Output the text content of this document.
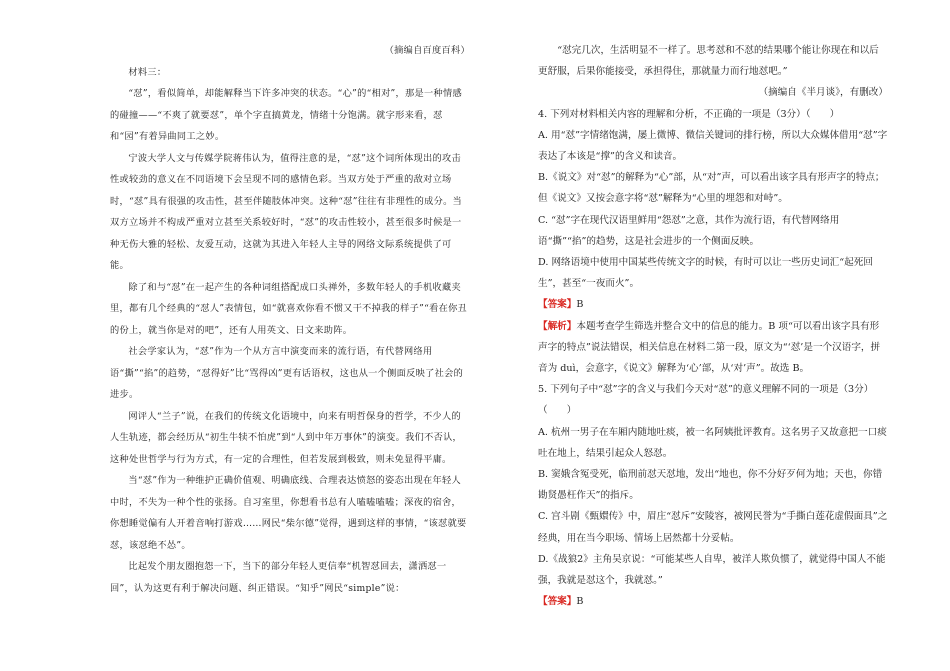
（摘编自百度百科）

材料三：

“怼”，看似简单，却能解释当下许多冲突的状态。“心”的“相对”，那是一种情感的碰撞——“不爽了就要怼”，单个字直搞黄龙，情绪十分饱满。就字形来看，怼和“园”有着异曲同工之妙。

宁波大学人文与传媒学院蒋伟认为，值得注意的是，“怼”这个词所体现出的攻击性或较劲的意义在不同语境下会呈现不同的感情色彩。当双方处于严重的敌对立场时，“怼”具有很强的攻击性，甚至伴随肢体冲突。这种“怼”往往有非理性的成分。当双方立场并不构成严重对立甚至关系较好时，“怼”的攻击性较小，甚至很多时候是一种无伤大雅的轻松、友爱互动，这就为其进入年轻人主导的网络文际系统提供了可能。

除了和与“怼”在一起产生的各种词组搭配成口头禅外，多数年轻人的手机收藏夹里，都有几个经典的“怼人”表情包，如“就喜欢你看不惯又干不掉我的样子”“看在你丑的份上，就当你是对的吧”，还有人用英文、日文来助阵。

社会学家认为，“怼”作为一个从方言中演变而来的流行语，有代替网络用语“撕”“掐”的趋势，“怼得好”比“骂得凶”更有话语权，这也从一个侧面反映了社会的进步。

网评人“兰子”说，在我们的传统文化语境中，向来有明哲保身的哲学，不少人的人生轨迹，都会经历从“初生牛犊不怕虎”到“人到中年万事休”的演变。我们不否认，这种处世哲学与行为方式，有一定的合理性，但若发展到极致，则未免显得平庸。

当“怼”作为一种维护正确价值观、明确底线、合理表达愤怒的姿态出现在年轻人中时，不失为一种个性的张扬。自习室里，你想看书总有人嗑嗑嗑嗑；深夜的宿舍，你想睡觉偏有人开着音响打游戏……网民“柴尔德”觉得，遇到这样的事情，“该怼就要怼，该怼绝不怂”。

比起发个朋友圈抱怨一下，当下的部分年轻人更信奉“机智怼回去，潇洒怼一回”，认为这更有利于解决问题、纠正错误。“知乎”网民“simple”说：

“怼完几次，生活明显不一样了。思考怼和不怼的结果哪个能让你现在和以后更舒服，后果你能接受，承担得住，那就量力而行地怼吧。”

（摘编自《半月谈》，有删改）

4. 下列对材料相关内容的理解和分析，不正确的一项是（3分）（　　）

A. 用“怼”字情绪饱满，屡上微博、微信关键词的排行榜，所以大众媒体借用“怼”字表达了本该是“撑”的含义和读音。

B.《说文》对“怼”的解释为“心”部，从“对”声，可以看出该字具有形声字的特点；但《说文》又按会意字将“怼”解释为“心里的埋怨和对峙”。

C. “怼”字在现代汉语里鲜用“怨怼”之意，其作为流行语，有代替网络用语“撕”“掐”的趋势，这是社会进步的一个侧面反映。

D. 网络语境中使用中国某些传统文字的时候，有时可以让一些历史词汇“起死回生”，甚至“一夜而火”。

【答案】B

【解析】本题考查学生筛选并整合文中的信息的能力。B 项“可以看出该字具有形声字的特点”说法错误，相关信息在材料二第一段，原文为“‘怼’是一个汉语字，拼音为 duì，会意字，《说文》解释为‘心’部，从‘对’声”。故选 B。

5. 下列句子中“怼”字的含义与我们今天对“怼”的意义理解不同的一项是（3分）（　　）

A. 杭州一男子在车厢内随地吐痰，被一名阿姨批评教育。这名男子又故意把一口痰吐在地上，结果引起众人怒怼。

B. 窦娥含冤受死，临刑前怼天怼地，发出“地也，你不分好歹何为地；天也，你错勘贤愚枉作天”的指斥。

C. 宫斗剧《甄嬛传》中，眉庄“怼斥”安陵容，被网民誉为“手撕白莲花虚假面具”之经典，用在当今职场、情场上居然都十分妥帖。

D.《战狼2》主角吴京说：“可能某些人自卑，被洋人欺负惯了，就觉得中国人不能强，我就是怼这个，我就怼。”

【答案】B
